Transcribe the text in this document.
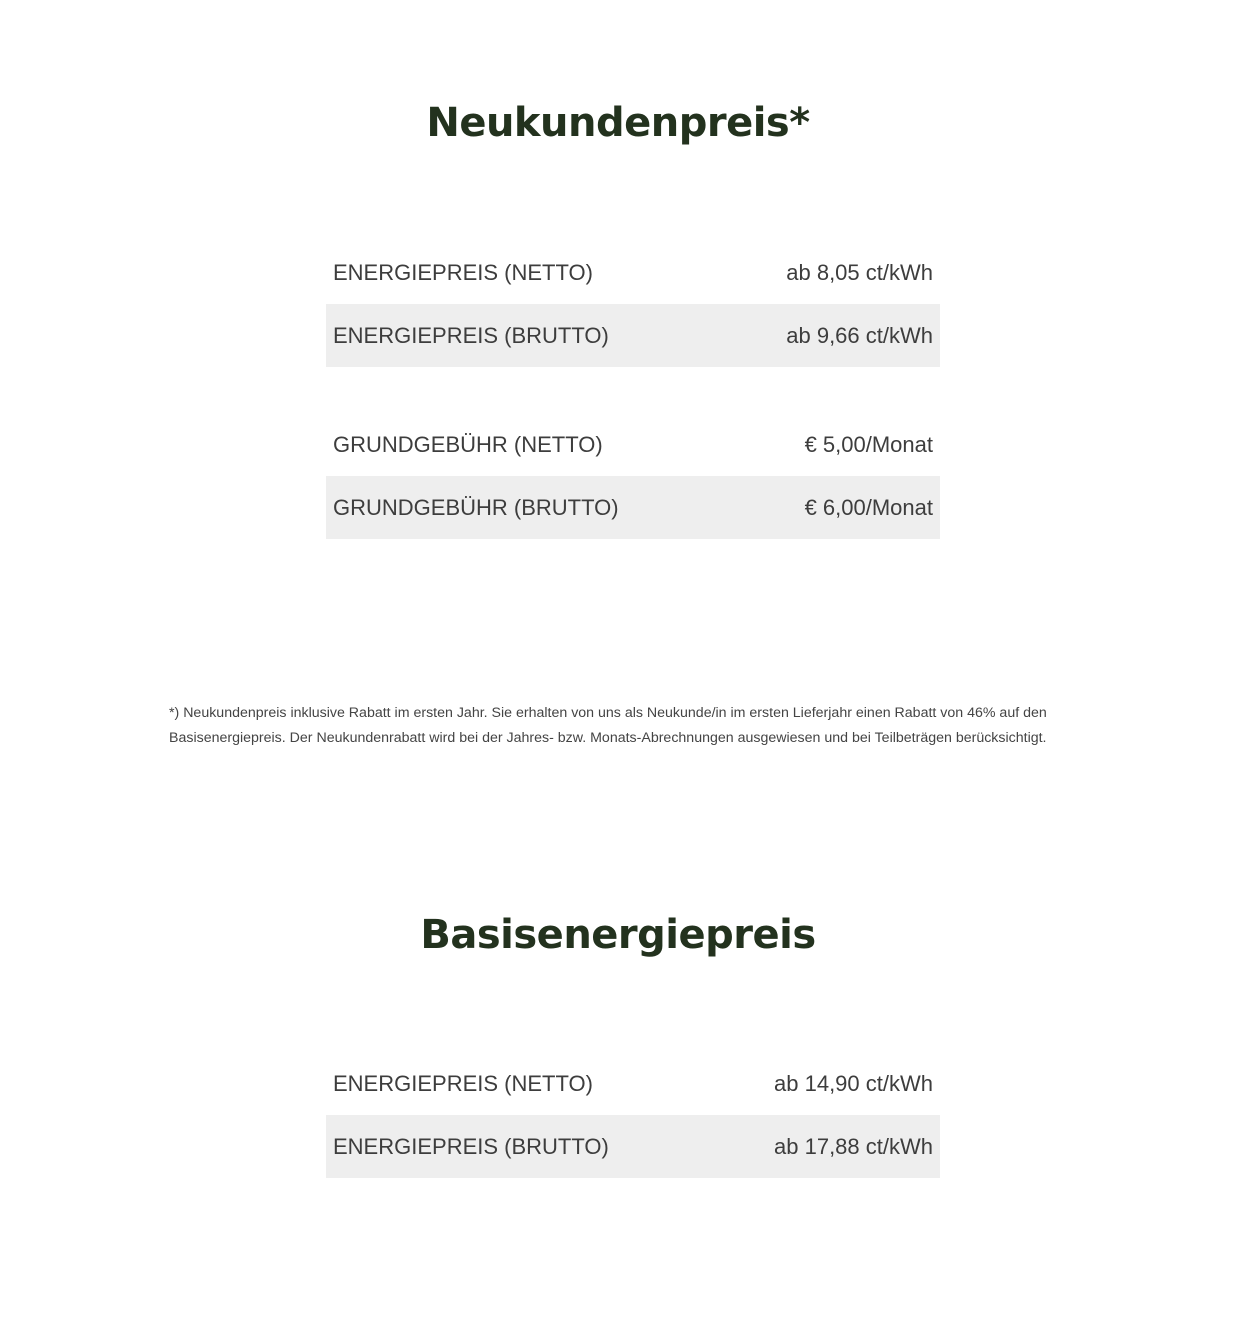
Neukundenpreis*
ENERGIEPREIS (NETTO)	ab 8,05 ct/kWh
ENERGIEPREIS (BRUTTO)	ab 9,66 ct/kWh
GRUNDGEBÜHR (NETTO)	€ 5,00/Monat
GRUNDGEBÜHR (BRUTTO)	€ 6,00/Monat

*) Neukundenpreis inklusive Rabatt im ersten Jahr. Sie erhalten von uns als Neukunde/in im ersten Lieferjahr einen Rabatt von 46% auf den Basisenergiepreis. Der Neukundenrabatt wird bei der Jahres- bzw. Monats-Abrechnungen ausgewiesen und bei Teilbeträgen berücksichtigt.

Basisenergiepreis
ENERGIEPREIS (NETTO)	ab 14,90 ct/kWh
ENERGIEPREIS (BRUTTO)	ab 17,88 ct/kWh
